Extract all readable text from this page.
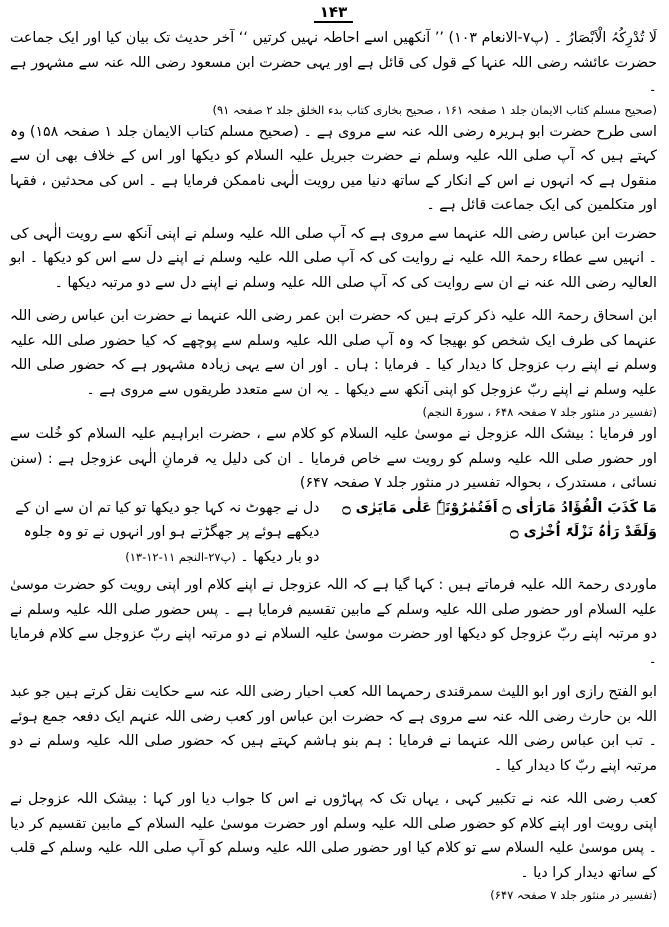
۱۴۳

لَا تُدْرِکُہُ الْاَبْصَارُ ۔ (پ۷-الانعام ۱۰۳) ’’ آنکھیں اسے احاطہ نہیں کرتیں ‘‘ آخر حدیث تک بیان کیا اور ایک جماعت حضرت عائشہ رضی اللہ عنہا کے قول کی قائل ہے اور یہی حضرت ابن مسعود رضی اللہ عنہ سے مشہور ہے ۔

(صحیح مسلم کتاب الایمان جلد ۱ صفحہ ۱۶۱ ، صحیح بخاری کتاب بدء الخلق جلد ۲ صفحہ ۹۱)

اسی طرح حضرت ابو ہریرہ رضی اللہ عنہ سے مروی ہے ۔ (صحیح مسلم کتاب الایمان جلد ۱ صفحہ ۱۵۸) وہ کہتے ہیں کہ آپ صلی اللہ علیہ وسلم نے حضرت جبریل علیہ السلام کو دیکھا اور اس کے خلاف بھی ان سے منقول ہے کہ انہوں نے اس کے انکار کے ساتھ دنیا میں رویت الٰہی ناممکن فرمایا ہے ۔ اس کی محدثین ، فقہا اور متکلمین کی ایک جماعت قائل ہے ۔

حضرت ابن عباس رضی اللہ عنہما سے مروی ہے کہ آپ صلی اللہ علیہ وسلم نے اپنی آنکھ سے رویت الٰہی کی ۔ انہیں سے عطاء رحمۃ اللہ علیہ نے روایت کی کہ آپ صلی اللہ علیہ وسلم نے اپنے دل سے اس کو دیکھا ۔ ابو العالیہ رضی اللہ عنہ نے ان سے روایت کی کہ آپ صلی اللہ علیہ وسلم نے اپنے دل سے دو مرتبہ دیکھا ۔

ابن اسحاق رحمۃ اللہ علیہ ذکر کرتے ہیں کہ حضرت ابن عمر رضی اللہ عنہما نے حضرت ابن عباس رضی اللہ عنہما کی طرف ایک شخص کو بھیجا کہ وہ آپ صلی اللہ علیہ وسلم سے پوچھے کہ کیا حضور صلی اللہ علیہ وسلم نے اپنے رب عزوجل کا دیدار کیا ۔ فرمایا : ہاں ۔ اور ان سے یہی زیادہ مشہور ہے کہ حضور صلی اللہ علیہ وسلم نے اپنے ربّ عزوجل کو اپنی آنکھ سے دیکھا ۔ یہ ان سے متعدد طریقوں سے مروی ہے ۔

(تفسیر در منثور جلد ۷ صفحہ ۶۴۸ ، سورۃ النجم)

اور فرمایا : بیشک اللہ عزوجل نے موسیٰ علیہ السلام کو کلام سے ، حضرت ابراہیم علیہ السلام کو خُلت سے اور حضور صلی اللہ علیہ وسلم کو رویت سے خاص فرمایا ۔ ان کی دلیل یہ فرمانِ الٰہی عزوجل ہے : (سنن نسائی ، مستدرک ، بحوالہ تفسیر در منثور جلد ۷ صفحہ ۶۴۷)

مَا کَذَبَ الْفُؤَادُ مَارَاٰی ۝ اَفَتُمٰرُوْنَہٗ عَلٰی مَایَرٰی ۝ وَلَقَدْ رَاٰہُ نَزْلَۃً اُخْرٰی ۝
دل نے جھوٹ نہ کہا جو دیکھا تو کیا تم ان سے ان کے دیکھے ہوئے پر جھگڑتے ہو اور انہوں نے تو وہ جلوہ دو بار دیکھا ۔ (پ۲۷-النجم ۱۱-۱۲-۱۳)

ماوردی رحمۃ اللہ علیہ فرماتے ہیں : کہا گیا ہے کہ اللہ عزوجل نے اپنے کلام اور اپنی رویت کو حضرت موسیٰ علیہ السلام اور حضور صلی اللہ علیہ وسلم کے مابین تقسیم فرمایا ہے ۔ پس حضور صلی اللہ علیہ وسلم نے دو مرتبہ اپنے ربّ عزوجل کو دیکھا اور حضرت موسیٰ علیہ السلام نے دو مرتبہ اپنے ربّ عزوجل سے کلام فرمایا ۔

ابو الفتح رازی اور ابو اللیث سمرقندی رحمہما اللہ کعب احبار رضی اللہ عنہ سے حکایت نقل کرتے ہیں جو عبد اللہ بن حارث رضی اللہ عنہ سے مروی ہے کہ حضرت ابن عباس اور کعب رضی اللہ عنہم ایک دفعہ جمع ہوئے ۔ تب ابن عباس رضی اللہ عنہما نے فرمایا : ہم بنو ہاشم کہتے ہیں کہ حضور صلی اللہ علیہ وسلم نے دو مرتبہ اپنے ربّ کا دیدار کیا ۔

کعب رضی اللہ عنہ نے تکبیر کہی ، یہاں تک کہ پہاڑوں نے اس کا جواب دیا اور کہا : بیشک اللہ عزوجل نے اپنی رویت اور اپنے کلام کو حضور صلی اللہ علیہ وسلم اور حضرت موسیٰ علیہ السلام کے مابین تقسیم کر دیا ۔ پس موسیٰ علیہ السلام سے تو کلام کیا اور حضور صلی اللہ علیہ وسلم کو آپ صلی اللہ علیہ وسلم کے قلب کے ساتھ دیدار کرا دیا ۔

(تفسیر در منثور جلد ۷ صفحہ ۶۴۷)
